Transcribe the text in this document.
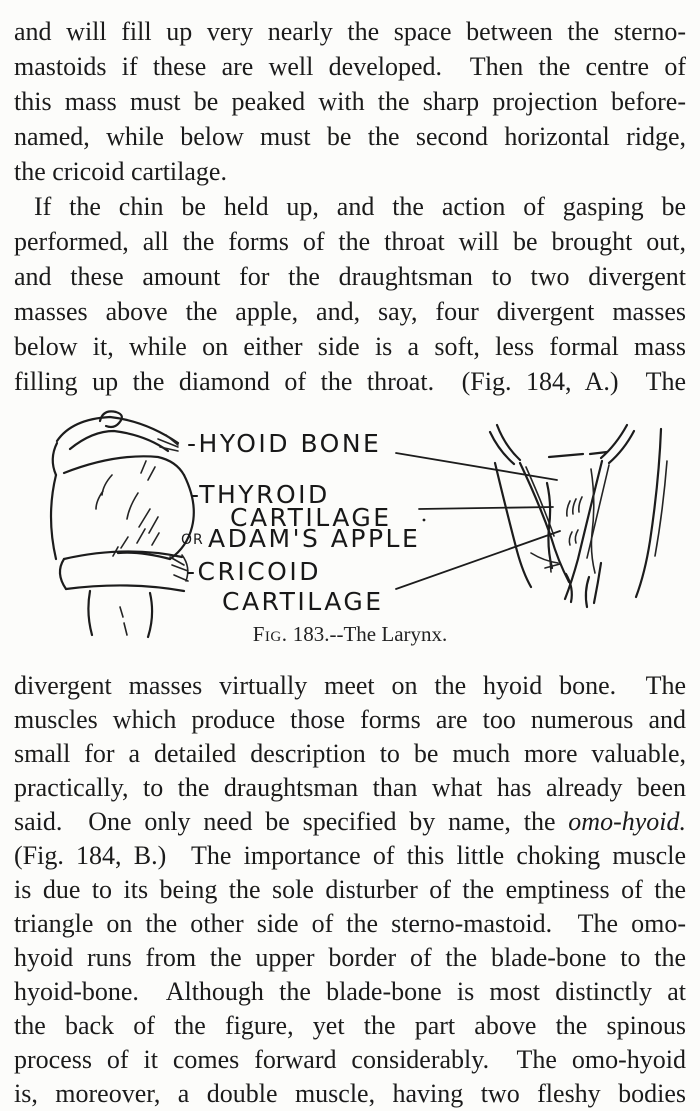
and will fill up very nearly the space between the sterno-
mastoids if these are well developed.  Then the centre of
this mass must be peaked with the sharp projection before-
named, while below must be the second horizontal ridge,
the cricoid cartilage.
If the chin be held up, and the action of gasping be
performed, all the forms of the throat will be brought out,
and these amount for the draughtsman to two divergent
masses above the apple, and, say, four divergent masses
below it, while on either side is a soft, less formal mass
filling up the diamond of the throat.  (Fig. 184, A.)  The
-HYOID BONE
-THYROID
CARTILAGE
OR ADAM'S APPLE
-CRICOID
CARTILAGE
Fig. 183.--The Larynx.
divergent masses virtually meet on the hyoid bone.  The
muscles which produce those forms are too numerous and
small for a detailed description to be much more valuable,
practically, to the draughtsman than what has already been
said.  One only need be specified by name, the omo-hyoid.
(Fig. 184, B.)  The importance of this little choking muscle
is due to its being the sole disturber of the emptiness of the
triangle on the other side of the sterno-mastoid.  The omo-
hyoid runs from the upper border of the blade-bone to the
hyoid-bone.  Although the blade-bone is most distinctly at
the back of the figure, yet the part above the spinous
process of it comes forward considerably.  The omo-hyoid
is, moreover, a double muscle, having two fleshy bodies
